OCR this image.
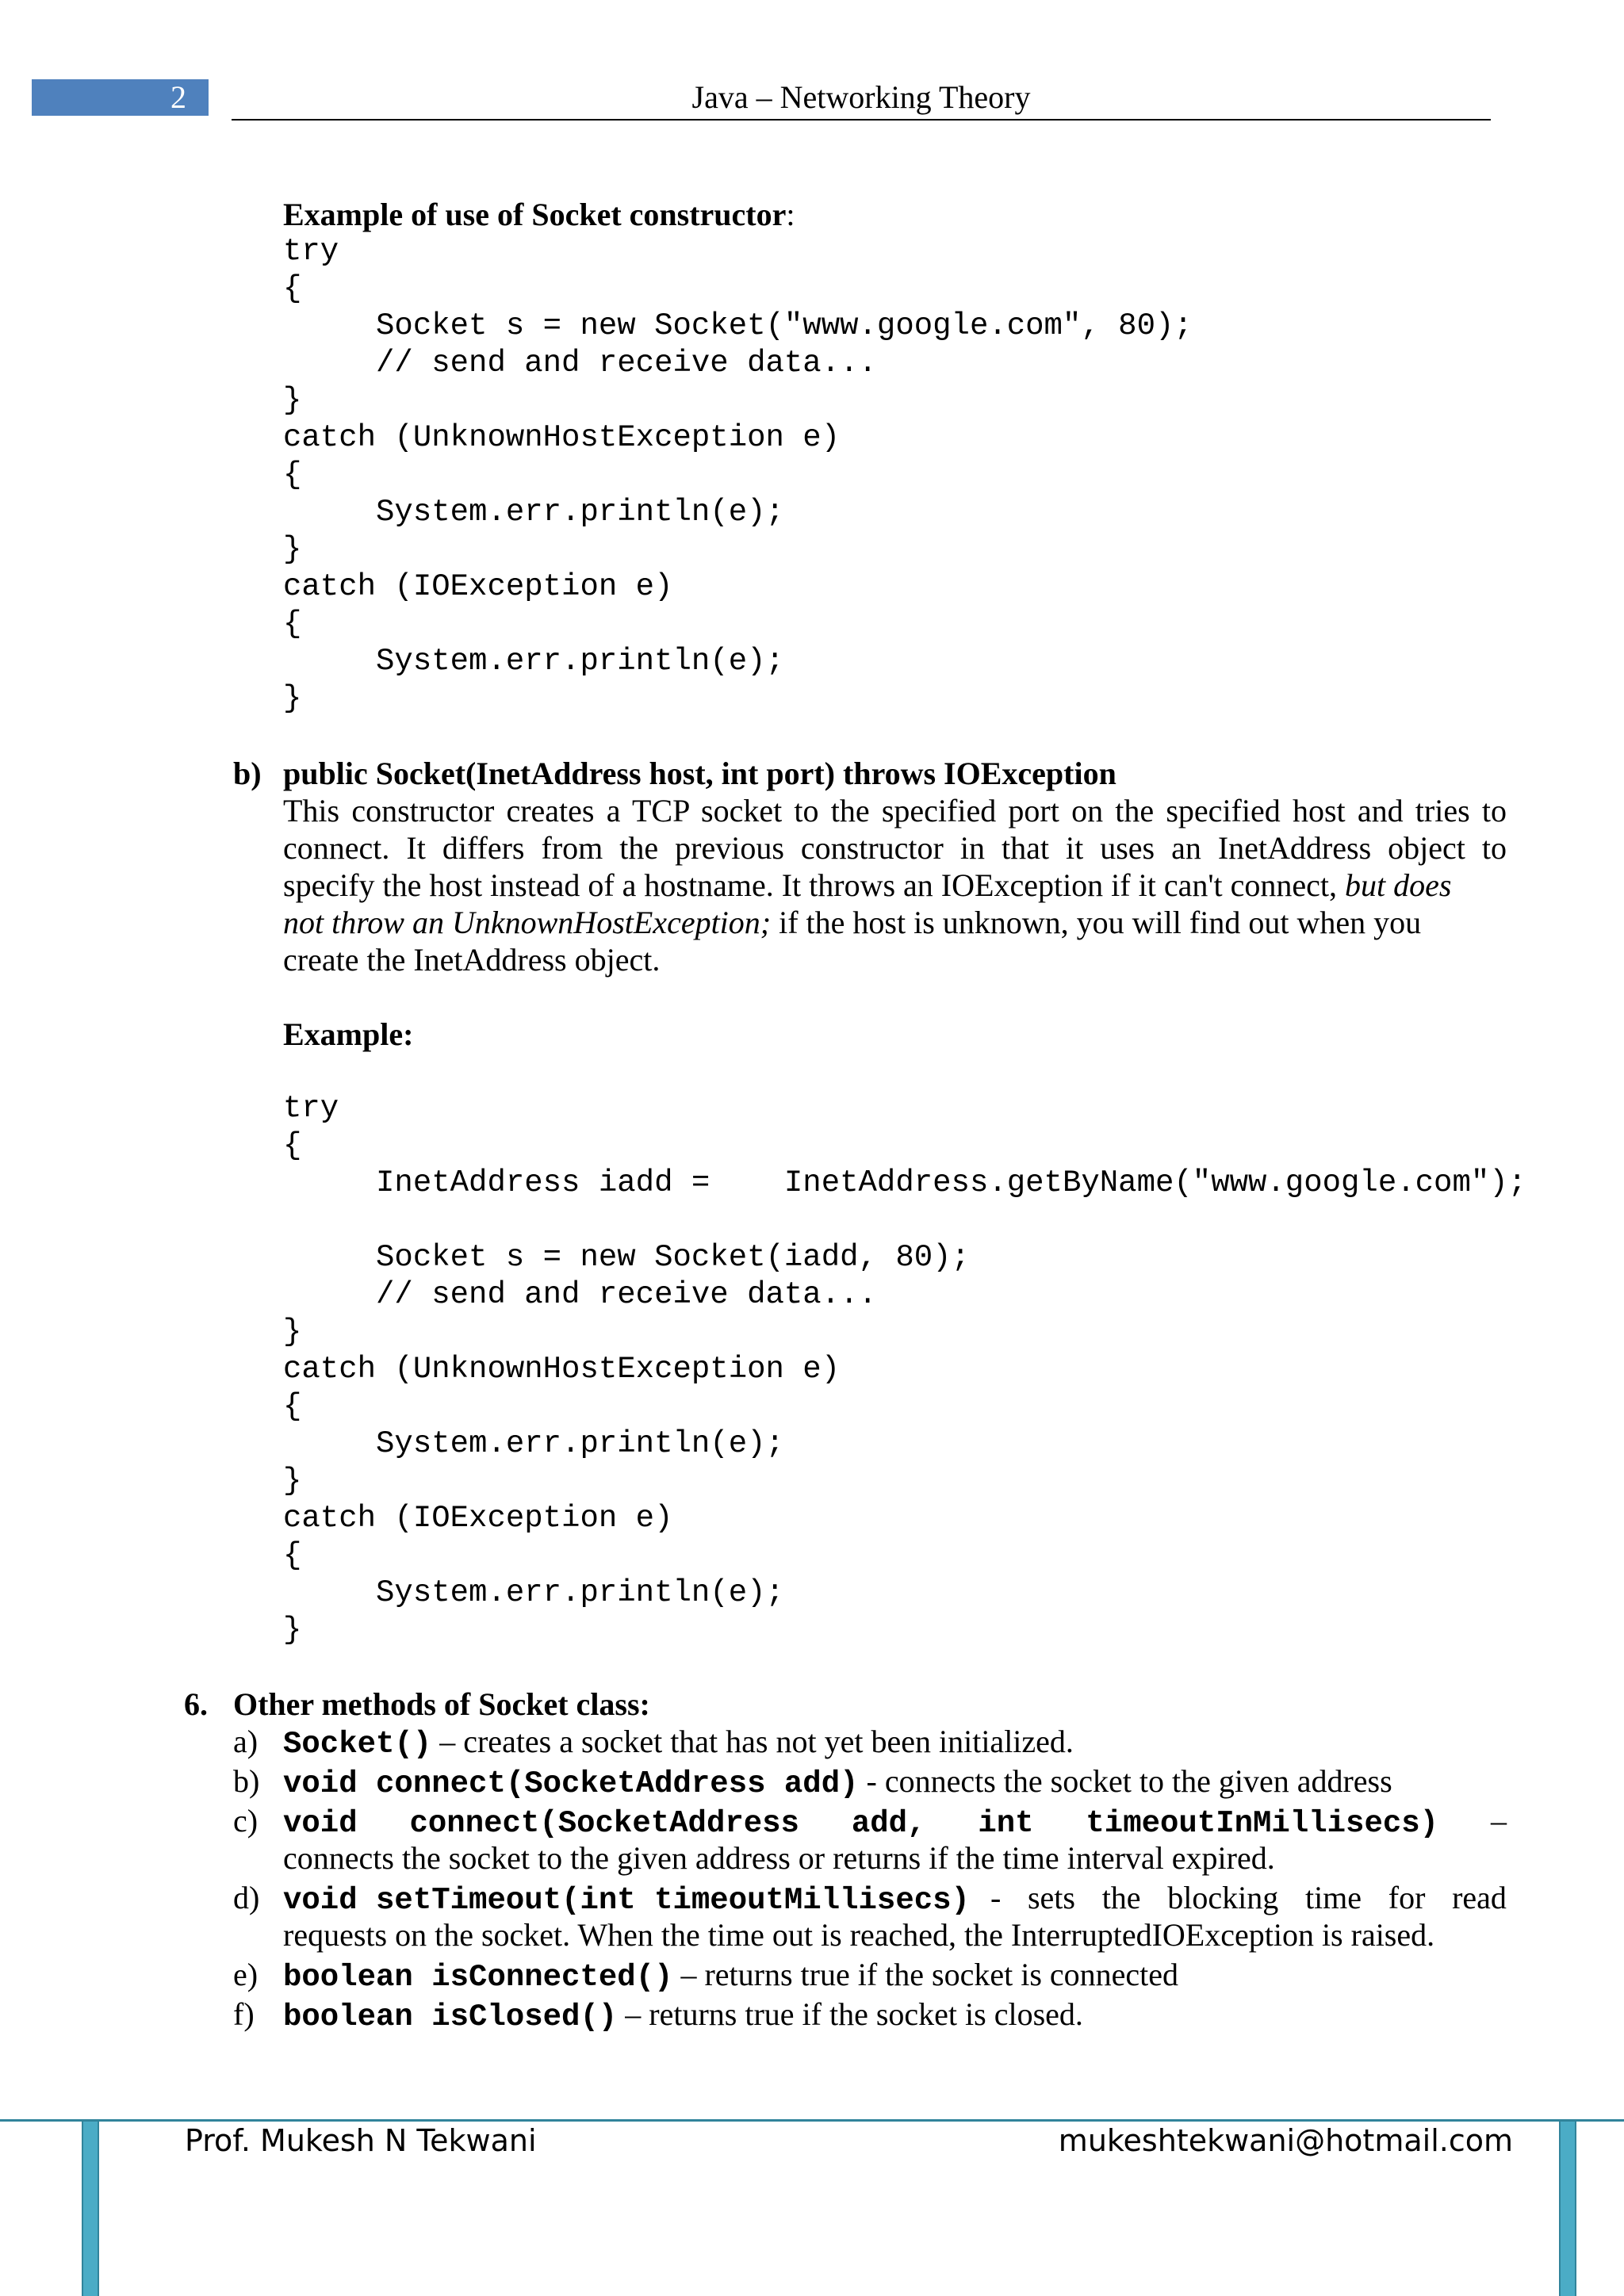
2	Java – Networking Theory
Example of use of Socket constructor:
try
{
Socket s = new Socket("www.google.com", 80);
// send and receive data...
}
catch (UnknownHostException e)
{
System.err.println(e);
}
catch (IOException e)
{
System.err.println(e);
}
b) public Socket(InetAddress host, int port) throws IOException
This constructor creates a TCP socket to the specified port on the specified host and tries to
connect. It differs from the previous constructor in that it uses an InetAddress object to
specify the host instead of a hostname. It throws an IOException if it can't connect, but does
not throw an UnknownHostException; if the host is unknown, you will find out when you
create the InetAddress object.
Example:
try
{
InetAddress iadd =    InetAddress.getByName("www.google.com");
Socket s = new Socket(iadd, 80);
// send and receive data...
}
catch (UnknownHostException e)
{
System.err.println(e);
}
catch (IOException e)
{
System.err.println(e);
}
6. Other methods of Socket class:
a) Socket() – creates a socket that has not yet been initialized.
b) void connect(SocketAddress add) - connects the socket to the given address
c) void connect(SocketAddress add, int timeoutInMillisecs) –
connects the socket to the given address or returns if the time interval expired.
d) void setTimeout(int timeoutMillisecs) - sets the blocking time for read
requests on the socket. When the time out is reached, the InterruptedIOException is raised.
e) boolean isConnected() – returns true if the socket is connected
f) boolean isClosed() – returns true if the socket is closed.
Prof. Mukesh N Tekwani	mukeshtekwani@hotmail.com
